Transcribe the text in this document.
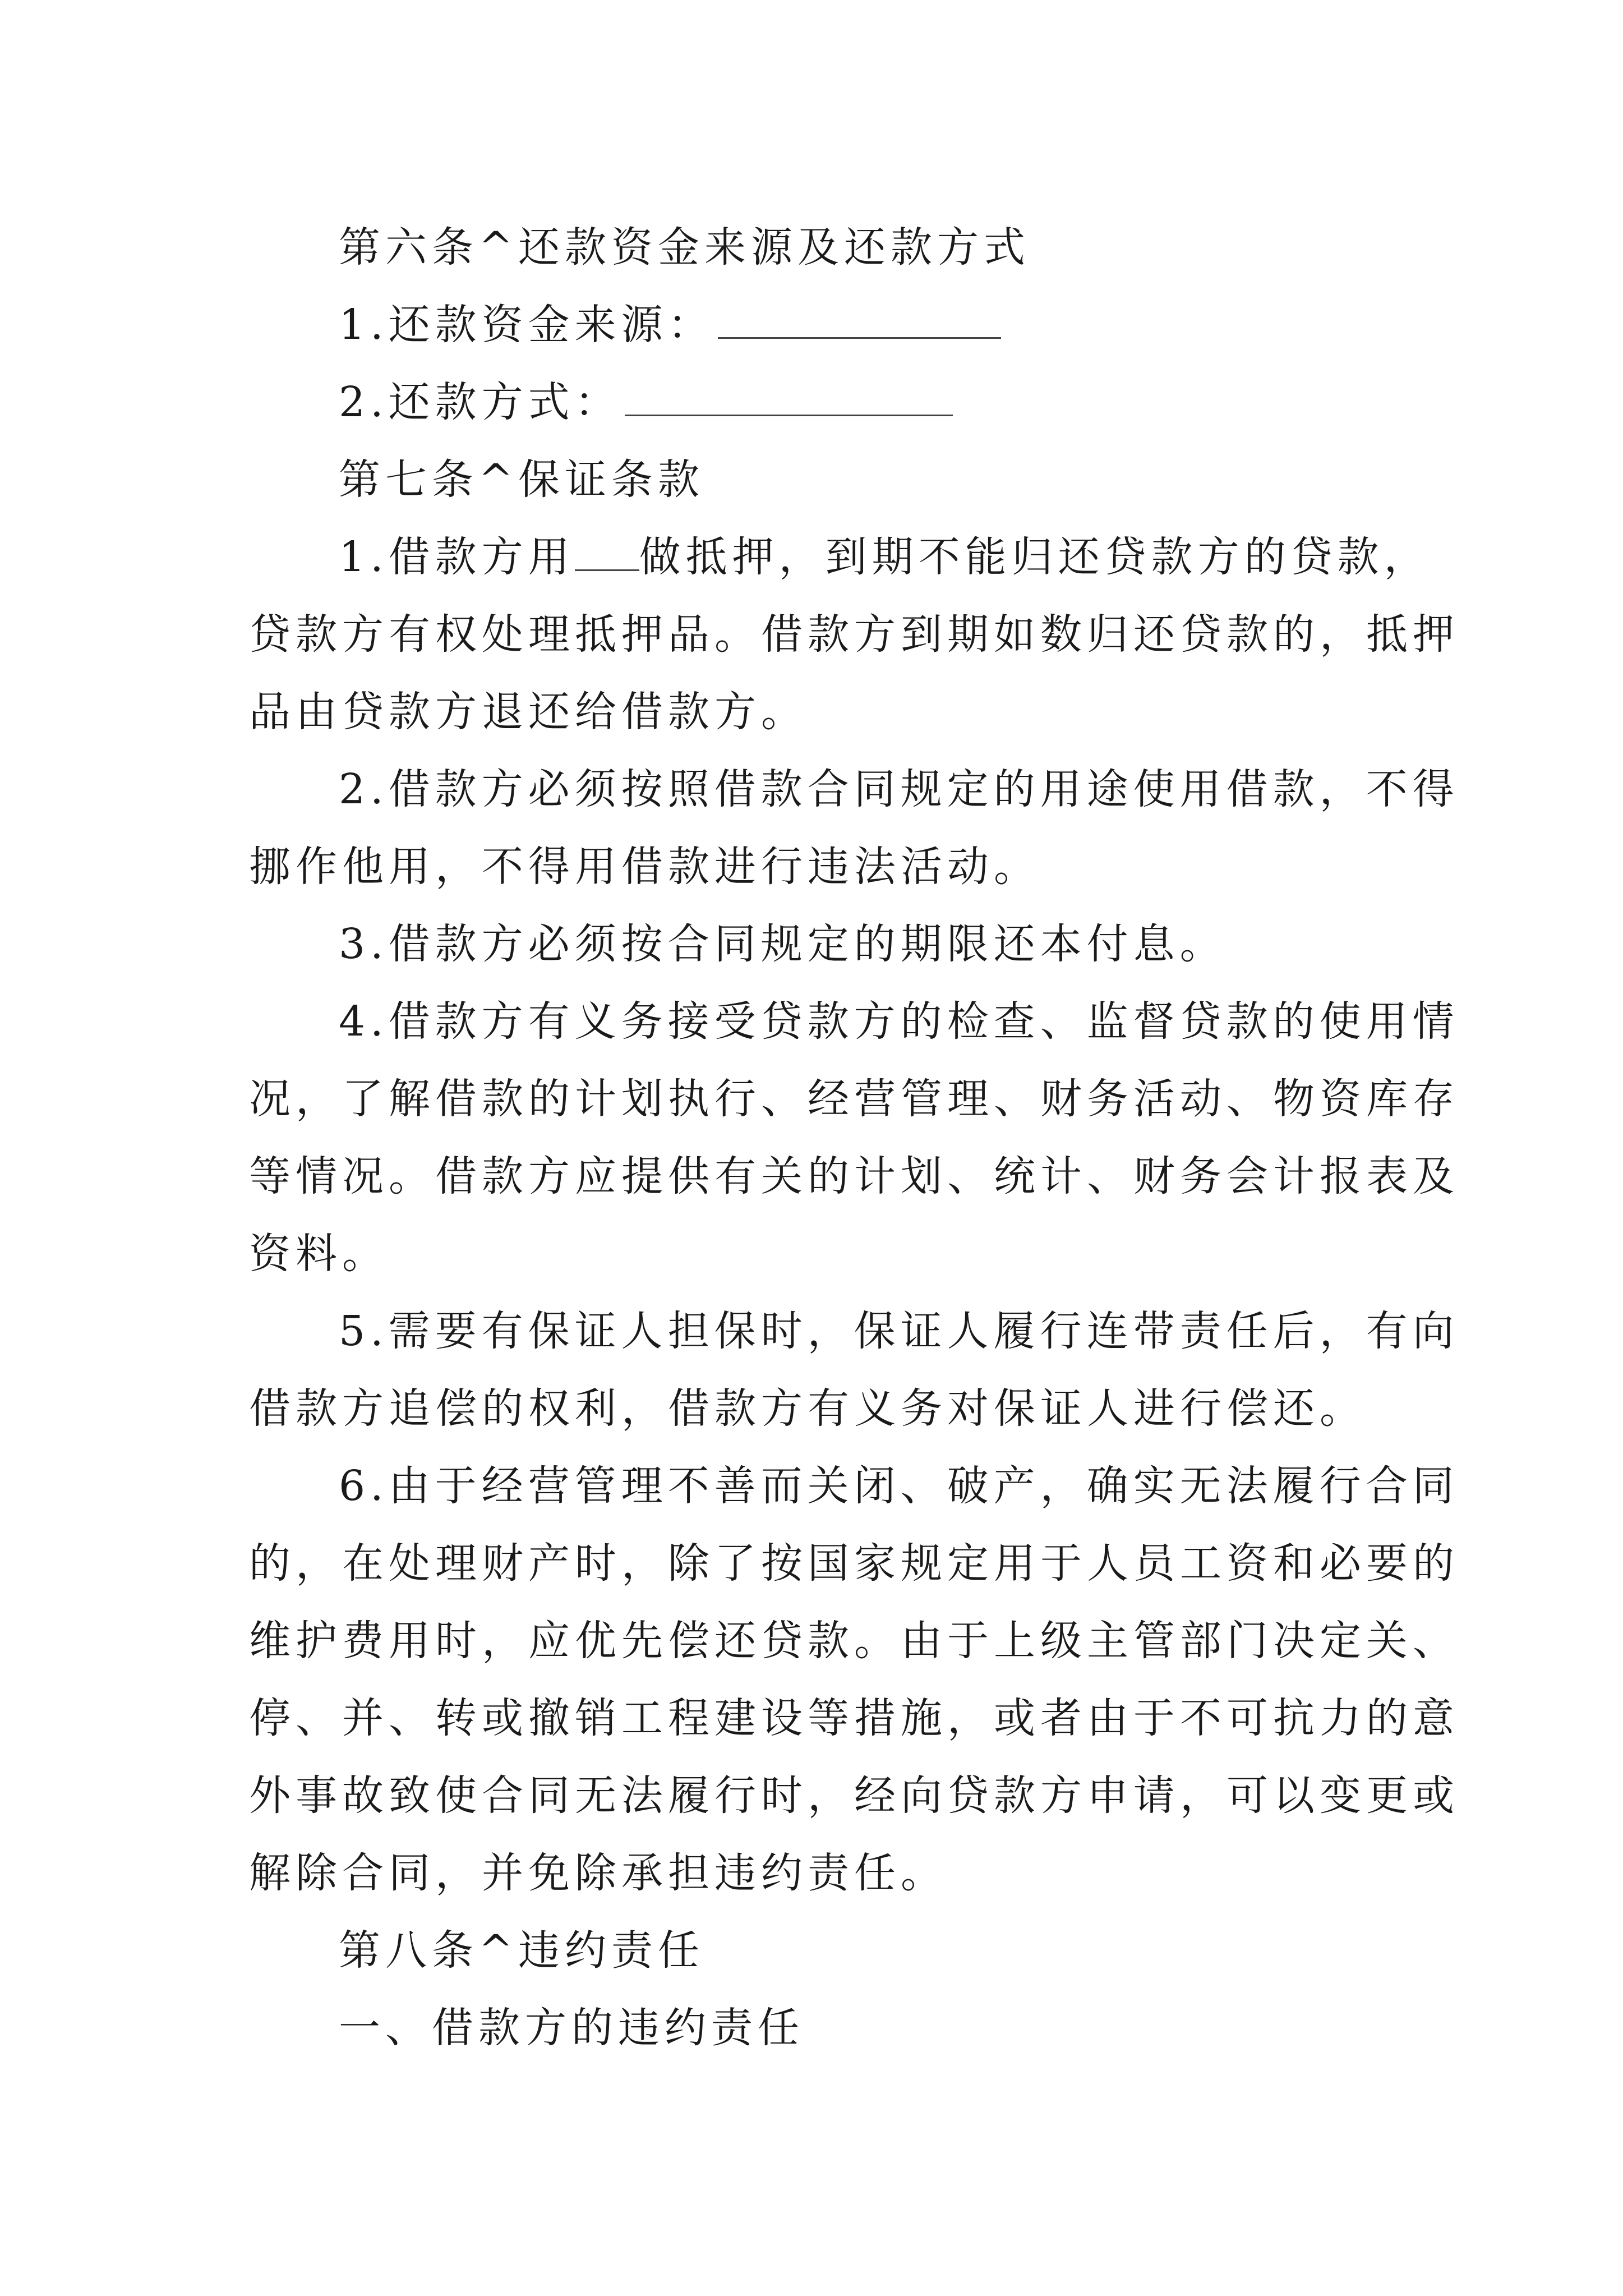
第六条^还款资金来源及还款方式
1.还款资金来源：
2.还款方式：
第七条^保证条款
1.借款方用 做抵押，到期不能归还贷款方的贷款，
贷款方有权处理抵押品。借款方到期如数归还贷款的，抵押
品由贷款方退还给借款方。
2.借款方必须按照借款合同规定的用途使用借款，不得
挪作他用，不得用借款进行违法活动。
3.借款方必须按合同规定的期限还本付息。
4.借款方有义务接受贷款方的检查、监督贷款的使用情
况，了解借款的计划执行、经营管理、财务活动、物资库存
等情况。借款方应提供有关的计划、统计、财务会计报表及
资料。
5.需要有保证人担保时，保证人履行连带责任后，有向
借款方追偿的权利，借款方有义务对保证人进行偿还。
6.由于经营管理不善而关闭、破产，确实无法履行合同
的，在处理财产时，除了按国家规定用于人员工资和必要的
维护费用时，应优先偿还贷款。由于上级主管部门决定关、
停、并、转或撤销工程建设等措施，或者由于不可抗力的意
外事故致使合同无法履行时，经向贷款方申请，可以变更或
解除合同，并免除承担违约责任。
第八条^违约责任
一、借款方的违约责任
